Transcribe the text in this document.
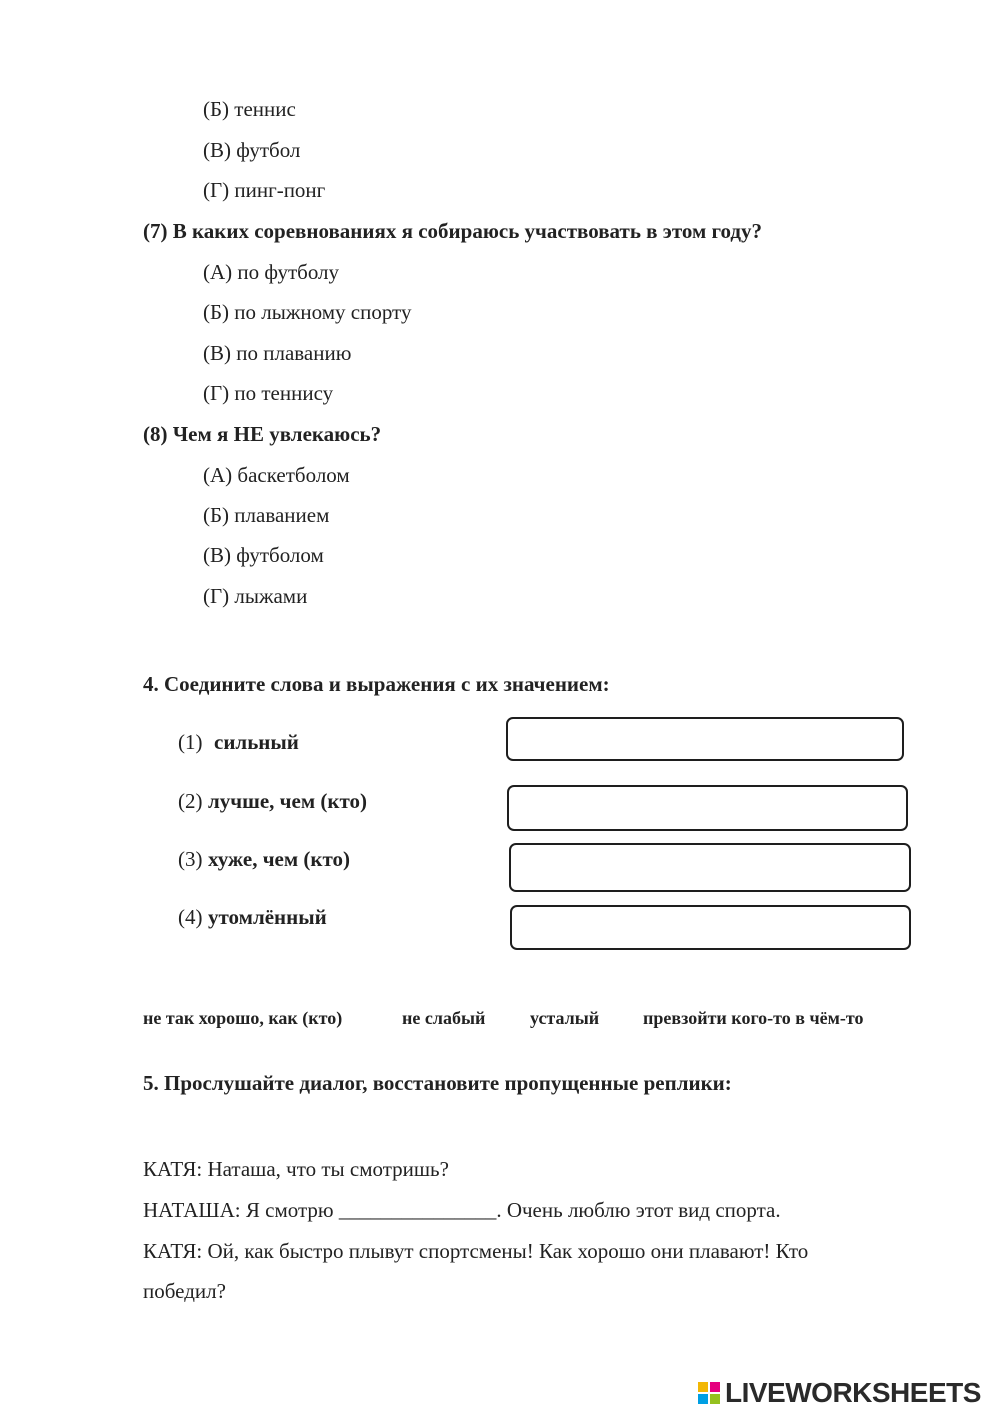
(Б) теннис
(В) футбол
(Г) пинг-понг
(7) В каких соревнованиях я собираюсь участвовать в этом году?
(А) по футболу
(Б) по лыжному спорту
(В) по плаванию
(Г) по теннису
(8) Чем я НЕ увлекаюсь?
(А) баскетболом
(Б) плаванием
(В) футболом
(Г) лыжами
4. Соедините слова и выражения с их значением:
(1) сильный
(2) лучше, чем (кто)
(3) хуже, чем (кто)
(4) утомлённый
не так хорошо, как (кто)	не слабый усталый превзойти кого-то в чём-то
5. Прослушайте диалог, восстановите пропущенные реплики:
КАТЯ: Наташа, что ты смотришь?
НАТАША: Я смотрю _______________. Очень люблю этот вид спорта.
КАТЯ: Ой, как быстро плывут спортсмены! Как хорошо они плавают! Кто
победил?
LIVEWORKSHEETS
